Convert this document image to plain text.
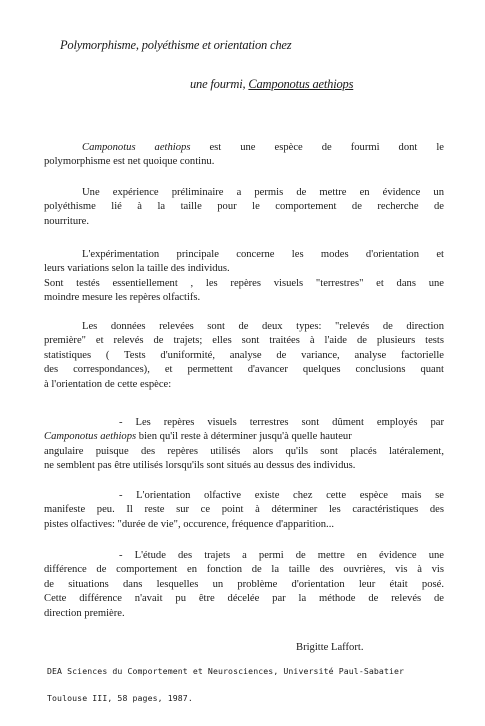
Polymorphisme, polyéthisme et orientation chez
une fourmi, Camponotus aethiops
Camponotus aethiops est une espèce de fourmi dont le
polymorphisme est net quoique continu.
Une expérience préliminaire a permis de mettre en évidence un
polyéthisme lié à la taille pour le comportement de recherche de
nourriture.
L'expérimentation principale concerne les modes d'orientation et
leurs variations selon la taille des individus.
Sont testés essentiellement , les repères visuels "terrestres" et dans une
moindre mesure les repères olfactifs.
Les données relevées sont de deux types: "relevés de direction
première" et relevés de trajets; elles sont traitées à l'aide de plusieurs tests
statistiques ( Tests d'uniformité, analyse de variance, analyse factorielle
des correspondances), et permettent d'avancer quelques conclusions quant
à l'orientation de cette espèce:
- Les repères visuels terrestres sont dûment employés par
Camponotus aethiops bien qu'il reste à déterminer jusqu'à quelle hauteur
angulaire puisque des repères utilisés alors qu'ils sont placés latéralement,
ne semblent pas être utilisés lorsqu'ils sont situés au dessus des individus.
- L'orientation olfactive existe chez cette espèce mais se
manifeste peu. Il reste sur ce point à déterminer les caractéristiques des
pistes olfactives: "durée de vie", occurence, fréquence d'apparition...
- L'étude des trajets a permi de mettre en évidence une
différence de comportement en fonction de la taille des ouvrières, vis à vis
de situations dans lesquelles un problème d'orientation leur était posé.
Cette différence n'avait pu être décelée par la méthode de relevés de
direction première.
Brigitte Laffort.
DEA Sciences du Comportement et Neurosciences, Université Paul-Sabatier
Toulouse III, 58 pages, 1987.
